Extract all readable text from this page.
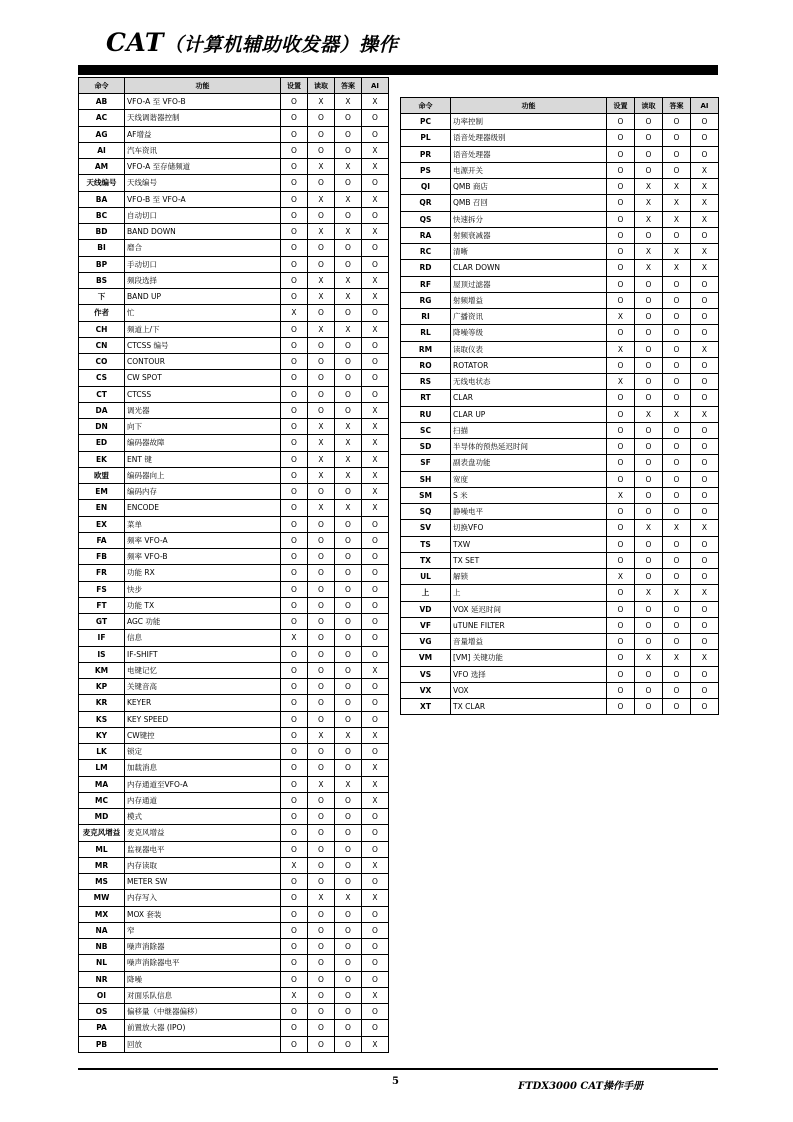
CAT（计算机辅助收发器）操作
命令	功能	设置	读取	答案	AI
AB	VFO-A 至 VFO-B	O	X	X	X
AC	天线调谐器控制	O	O	O	O
AG	AF增益	O	O	O	O
AI	汽车资讯	O	O	O	X
AM	VFO-A 至存储频道	O	X	X	X
天线编号	天线编号	O	O	O	O
BA	VFO-B 至 VFO-A	O	X	X	X
BC	自动切口	O	O	O	O
BD	BAND DOWN	O	X	X	X
BI	磨合	O	O	O	O
BP	手动切口	O	O	O	O
BS	频段选择	O	X	X	X
下	BAND UP	O	X	X	X
作者	忙	X	O	O	O
CH	频道上/下	O	X	X	X
CN	CTCSS 编号	O	O	O	O
CO	CONTOUR	O	O	O	O
CS	CW SPOT	O	O	O	O
CT	CTCSS	O	O	O	O
DA	调光器	O	O	O	X
DN	向下	O	X	X	X
ED	编码器故障	O	X	X	X
EK	ENT 键	O	X	X	X
欧盟	编码器向上	O	X	X	X
EM	编码内存	O	O	O	X
EN	ENCODE	O	X	X	X
EX	菜单	O	O	O	O
FA	频率 VFO-A	O	O	O	O
FB	频率 VFO-B	O	O	O	O
FR	功能 RX	O	O	O	O
FS	快步	O	O	O	O
FT	功能 TX	O	O	O	O
GT	AGC 功能	O	O	O	O
IF	信息	X	O	O	O
IS	IF-SHIFT	O	O	O	O
KM	电键记忆	O	O	O	X
KP	关键音高	O	O	O	O
KR	KEYER	O	O	O	O
KS	KEY SPEED	O	O	O	O
KY	CW键控	O	X	X	X
LK	锁定	O	O	O	O
LM	加载消息	O	O	O	X
MA	内存通道至VFO-A	O	X	X	X
MC	内存通道	O	O	O	X
MD	模式	O	O	O	O
麦克风增益	麦克风增益	O	O	O	O
ML	监视器电平	O	O	O	O
MR	内存读取	X	O	O	X
MS	METER SW	O	O	O	O
MW	内存写入	O	X	X	X
MX	MOX 套装	O	O	O	O
NA	窄	O	O	O	O
NB	噪声消除器	O	O	O	O
NL	噪声消除器电平	O	O	O	O
NR	降噪	O	O	O	O
OI	对面乐队信息	X	O	O	X
OS	偏移量（中继器偏移）	O	O	O	O
PA	前置放大器 (IPO)	O	O	O	O
PB	回放	O	O	O	X
命令	功能	设置	读取	答案	AI
PC	功率控制	O	O	O	O
PL	语音处理器级别	O	O	O	O
PR	语音处理器	O	O	O	O
PS	电源开关	O	O	O	X
QI	QMB 商店	O	X	X	X
QR	QMB 召回	O	X	X	X
QS	快速拆分	O	X	X	X
RA	射频衰减器	O	O	O	O
RC	清晰	O	X	X	X
RD	CLAR DOWN	O	X	X	X
RF	屋顶过滤器	O	O	O	O
RG	射频增益	O	O	O	O
RI	广播资讯	X	O	O	O
RL	降噪等级	O	O	O	O
RM	读取仪表	X	O	O	X
RO	ROTATOR	O	O	O	O
RS	无线电状态	X	O	O	O
RT	CLAR	O	O	O	O
RU	CLAR UP	O	X	X	X
SC	扫描	O	O	O	O
SD	半导体的预热延迟时间	O	O	O	O
SF	副表盘功能	O	O	O	O
SH	宽度	O	O	O	O
SM	S 米	X	O	O	O
SQ	静噪电平	O	O	O	O
SV	切换VFO	O	X	X	X
TS	TXW	O	O	O	O
TX	TX SET	O	O	O	O
UL	解锁	X	O	O	O
上	上	O	X	X	X
VD	VOX 延迟时间	O	O	O	O
VF	uTUNE FILTER	O	O	O	O
VG	音量增益	O	O	O	O
VM	[VM] 关键功能	O	X	X	X
VS	VFO 选择	O	O	O	O
VX	VOX	O	O	O	O
XT	TX CLAR	O	O	O	O
5	FTDX3000 CAT操作手册
